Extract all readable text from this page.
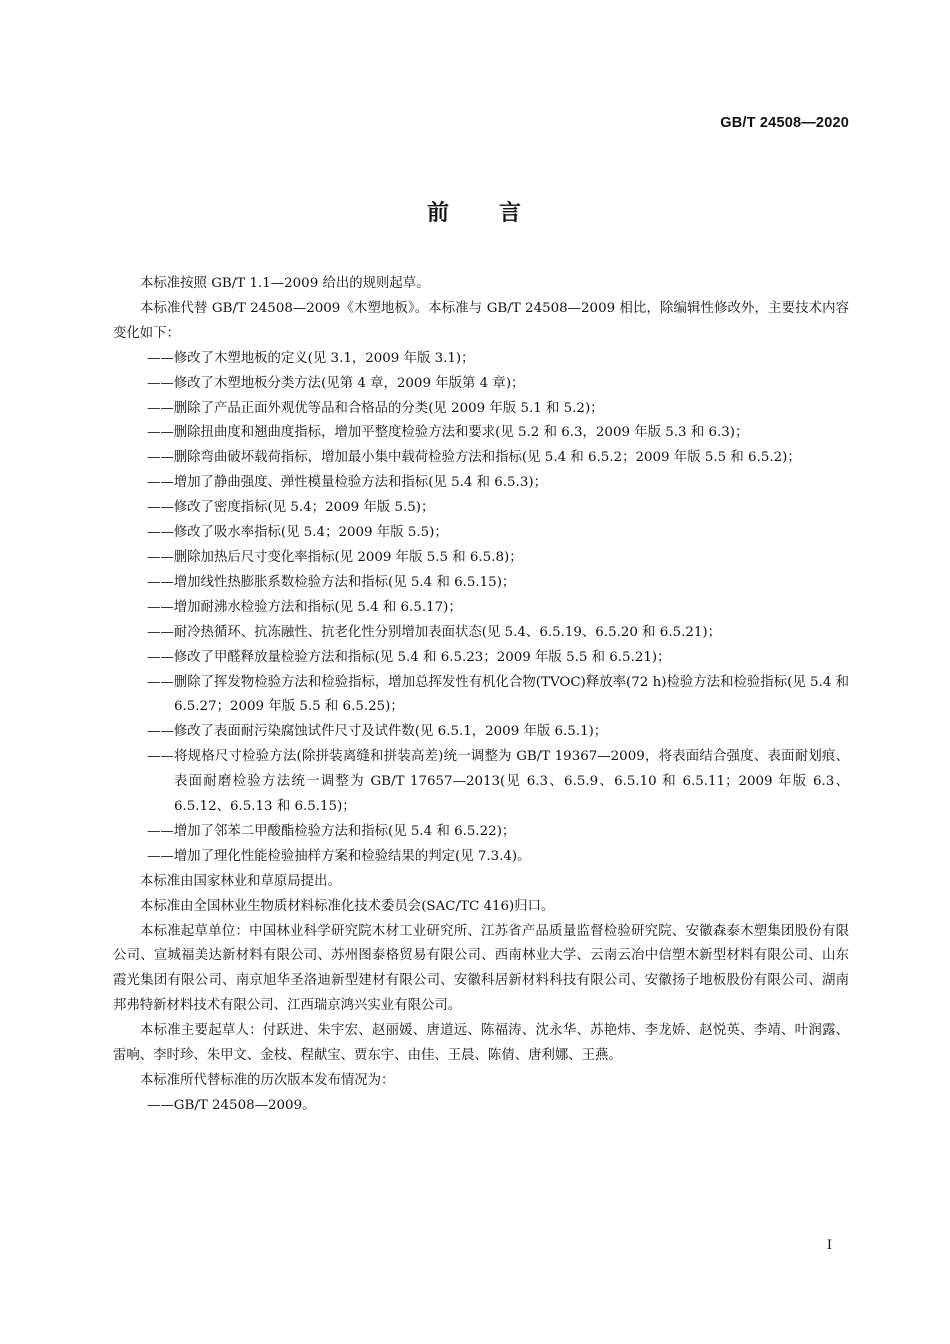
GB/T 24508—2020
前 言

本标准按照 GB/T 1.1—2009 给出的规则起草。

本标准代替 GB/T 24508—2009《木塑地板》。本标准与 GB/T 24508—2009 相比，除编辑性修改外，主要技术内容变化如下：

——修改了木塑地板的定义(见 3.1，2009 年版 3.1)；

——修改了木塑地板分类方法(见第 4 章，2009 年版第 4 章)；

——删除了产品正面外观优等品和合格品的分类(见 2009 年版 5.1 和 5.2)；

——删除扭曲度和翘曲度指标，增加平整度检验方法和要求(见 5.2 和 6.3，2009 年版 5.3 和 6.3)；

——删除弯曲破坏载荷指标，增加最小集中载荷检验方法和指标(见 5.4 和 6.5.2；2009 年版 5.5 和 6.5.2)；

——增加了静曲强度、弹性模量检验方法和指标(见 5.4 和 6.5.3)；

——修改了密度指标(见 5.4；2009 年版 5.5)；

——修改了吸水率指标(见 5.4；2009 年版 5.5)；

——删除加热后尺寸变化率指标(见 2009 年版 5.5 和 6.5.8)；

——增加线性热膨胀系数检验方法和指标(见 5.4 和 6.5.15)；

——增加耐沸水检验方法和指标(见 5.4 和 6.5.17)；

——耐冷热循环、抗冻融性、抗老化性分别增加表面状态(见 5.4、6.5.19、6.5.20 和 6.5.21)；

——修改了甲醛释放量检验方法和指标(见 5.4 和 6.5.23；2009 年版 5.5 和 6.5.21)；

——删除了挥发物检验方法和检验指标，增加总挥发性有机化合物(TVOC)释放率(72 h)检验方法和检验指标(见 5.4 和 6.5.27；2009 年版 5.5 和 6.5.25)；

——修改了表面耐污染腐蚀试件尺寸及试件数(见 6.5.1，2009 年版 6.5.1)；

——将规格尺寸检验方法(除拼装离缝和拼装高差)统一调整为 GB/T 19367—2009，将表面结合强度、表面耐划痕、表面耐磨检验方法统一调整为 GB/T 17657—2013(见 6.3、6.5.9、6.5.10 和 6.5.11；2009 年版 6.3、6.5.12、6.5.13 和 6.5.15)；

——增加了邻苯二甲酸酯检验方法和指标(见 5.4 和 6.5.22)；

——增加了理化性能检验抽样方案和检验结果的判定(见 7.3.4)。

本标准由国家林业和草原局提出。

本标准由全国林业生物质材料标准化技术委员会(SAC/TC 416)归口。

本标准起草单位：中国林业科学研究院木材工业研究所、江苏省产品质量监督检验研究院、安徽森泰木塑集团股份有限公司、宣城福美达新材料有限公司、苏州图泰格贸易有限公司、西南林业大学、云南云冶中信塑木新型材料有限公司、山东霞光集团有限公司、南京旭华圣洛迪新型建材有限公司、安徽科居新材料科技有限公司、安徽扬子地板股份有限公司、湖南邦弗特新材料技术有限公司、江西瑞京鸿兴实业有限公司。

本标准主要起草人：付跃进、朱宇宏、赵丽媛、唐道远、陈福涛、沈永华、苏艳炜、李龙娇、赵悦英、李靖、叶润露、雷响、李时珍、朱甲文、金枝、程献宝、贾东宇、由佳、王晨、陈倩、唐利娜、王燕。

本标准所代替标准的历次版本发布情况为：

——GB/T 24508—2009。

I
